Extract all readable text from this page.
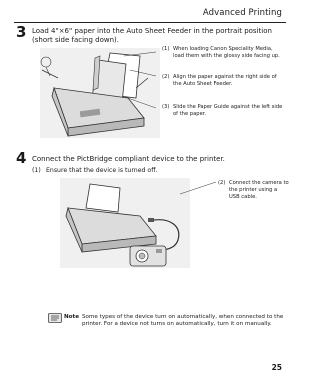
Advanced Printing
3 Load 4"×6" paper into the Auto Sheet Feeder in the portrait position (short side facing down).
(1) When loading Canon Speciality Media, load them with the glossy side facing up.
(2) Align the paper against the right side of the Auto Sheet Feeder.
(3) Slide the Paper Guide against the left side of the paper.
4 Connect the PictBridge compliant device to the printer.
(1) Ensure that the device is turned off.
(2) Connect the camera to the printer using a USB cable.
Note Some types of the device turn on automatically, when connected to the printer. For a device not turns on automatically, turn it on manually.
25
